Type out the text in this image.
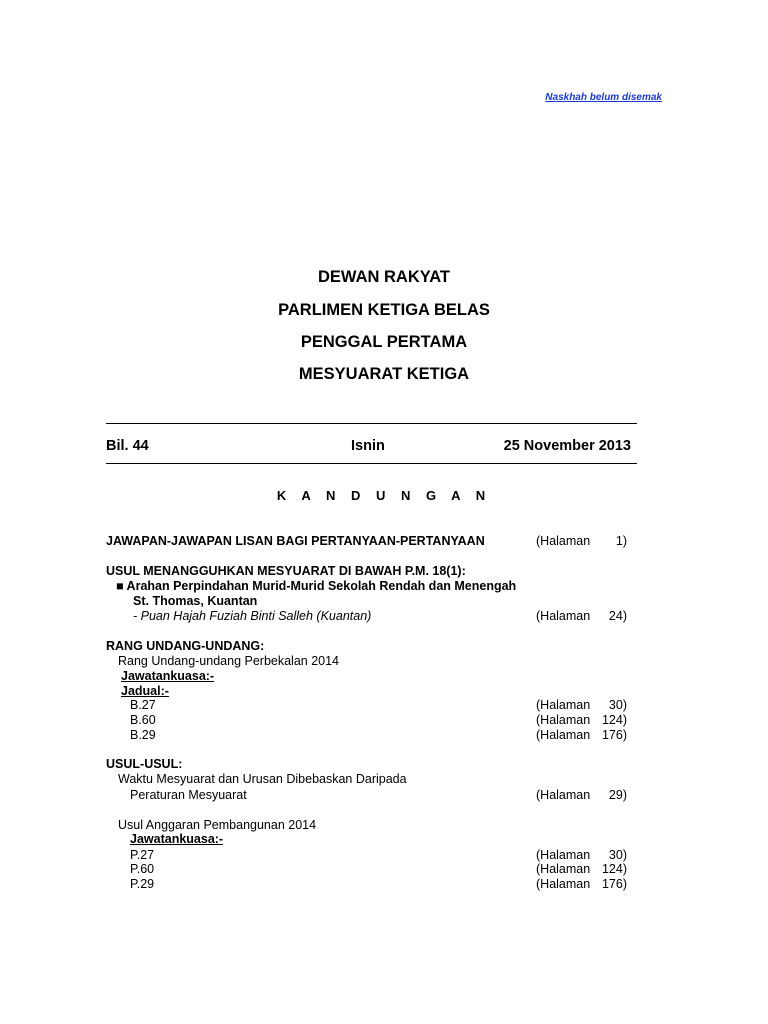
Naskhah belum disemak
DEWAN RAKYAT
PARLIMEN KETIGA BELAS
PENGGAL PERTAMA
MESYUARAT KETIGA
Bil. 44	Isnin	25 November 2013
K A N D U N G A N
JAWAPAN-JAWAPAN LISAN BAGI PERTANYAAN-PERTANYAAN	(Halaman 1)
USUL MENANGGUHKAN MESYUARAT DI BAWAH P.M. 18(1):
■ Arahan Perpindahan Murid-Murid Sekolah Rendah dan Menengah
St. Thomas, Kuantan
- Puan Hajah Fuziah Binti Salleh (Kuantan)	(Halaman 24)
RANG UNDANG-UNDANG:
Rang Undang-undang Perbekalan 2014
Jawatankuasa:-
Jadual:-
B.27	(Halaman 30)
B.60	(Halaman 124)
B.29	(Halaman 176)
USUL-USUL:
Waktu Mesyuarat dan Urusan Dibebaskan Daripada
Peraturan Mesyuarat	(Halaman 29)
Usul Anggaran Pembangunan 2014
Jawatankuasa:-
P.27	(Halaman 30)
P.60	(Halaman 124)
P.29	(Halaman 176)
